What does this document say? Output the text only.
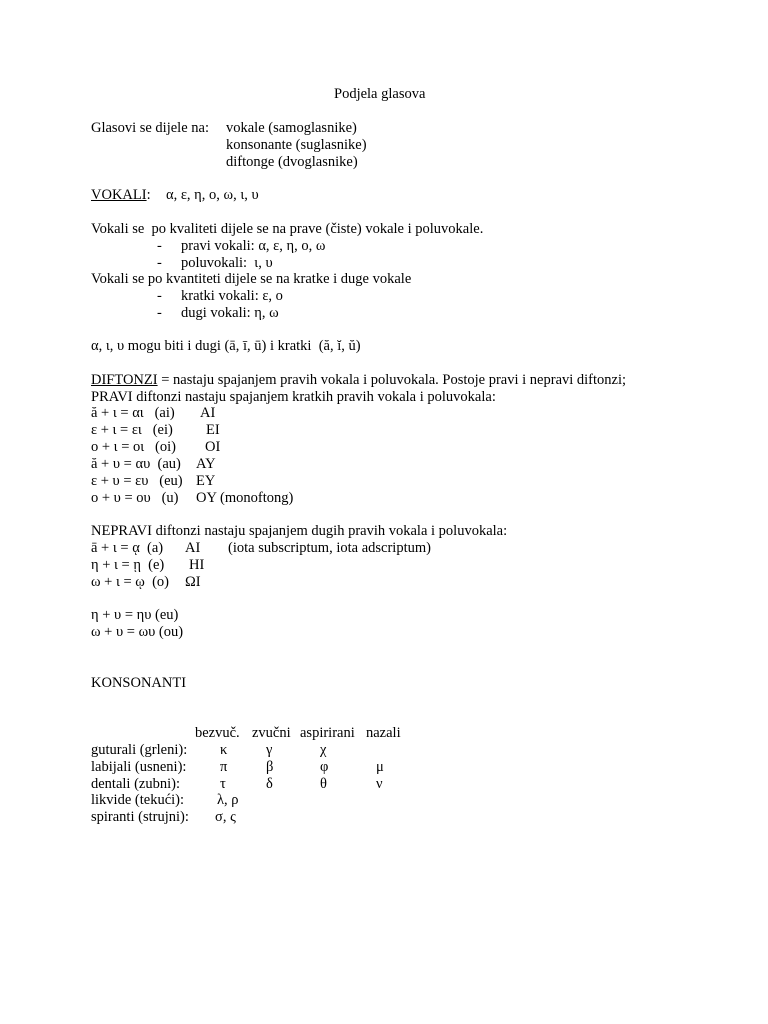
Podjela glasova
Glasovi se dijele na: vokale (samoglasnike)
konsonante (suglasnike)
diftonge (dvoglasnike)
VOKALI: α, ε, η, ο, ω, ι, υ
Vokali se  po kvaliteti dijele se na prave (čiste) vokale i poluvokale.
- pravi vokali: α, ε, η, ο, ω
- poluvokali:  ι, υ
Vokali se po kvantiteti dijele se na kratke i duge vokale
- kratki vokali: ε, ο
- dugi vokali: η, ω
α, ι, υ mogu biti i dugi (ā, ī, ū) i kratki  (ă, ĭ, ŭ)
DIFTONZI = nastaju spajanjem pravih vokala i poluvokala. Postoje pravi i nepravi diftonzi;
PRAVI diftonzi nastaju spajanjem kratkih pravih vokala i poluvokala:
ă + ι = αι   (ai) AI
ε + ι = ει   (ei) EI
ο + ι = οι   (oi) OI
ă + υ = αυ  (au) AY
ε + υ = ευ   (eu) EY
ο + υ = ου   (u) OY (monoftong)
NEPRAVI diftonzi nastaju spajanjem dugih pravih vokala i poluvokala:
ā + ι = ᾳ  (a) AI (iota subscriptum, iota adscriptum)
η + ι = ῃ  (e) HI
ω + ι = ῳ  (o) ΩI
η + υ = ηυ (eu)
ω + υ = ωυ (ou)
KONSONANTI
bezvuč. zvučni aspirirani nazali
guturali (grleni): κ	γ	χ
labijali (usneni): π	β	φ	μ
dentali (zubni):	τ	δ	θ	ν
likvide (tekući): λ, ρ
spiranti (strujni): σ, ς
